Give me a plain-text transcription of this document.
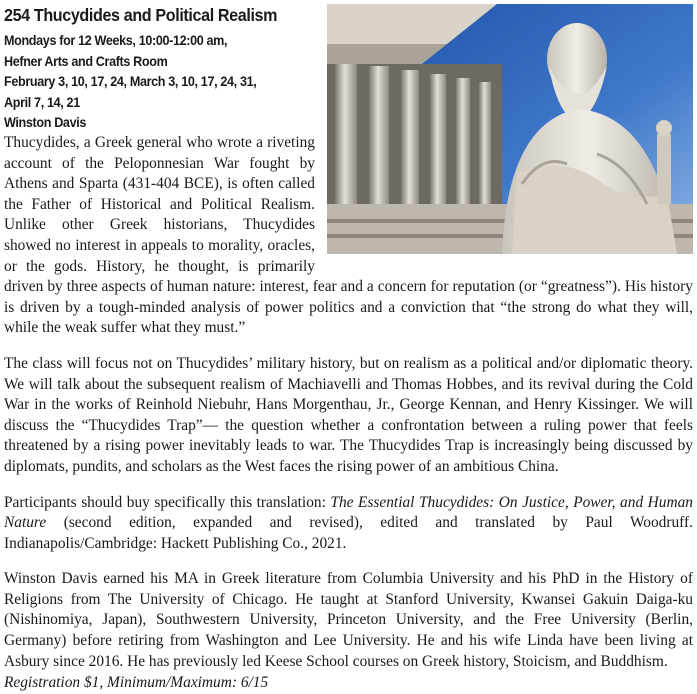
254 Thucydides and Political Realism
Mondays for 12 Weeks, 10:00-12:00 am,
Hefner Arts and Crafts Room
February 3, 10, 17, 24, March 3, 10, 17, 24, 31,
April 7, 14, 21
Winston Davis

Thucydides, a Greek general who wrote a riveting account of the Peloponnesian War fought by Athens and Sparta (431-404 BCE), is often called the Father of Historical and Political Realism. Unlike other Greek historians, Thucydides showed no interest in appeals to morality, oracles, or the gods. History, he thought, is primarily driven by three aspects of human nature: interest, fear and a concern for reputation (or “greatness”). His history is driven by a tough-minded analysis of power politics and a conviction that “the strong do what they will, while the weak suffer what they must.”

The class will focus not on Thucydides’ military history, but on realism as a political and/or diplomatic theory. We will talk about the subsequent realism of Machiavelli and Thomas Hobbes, and its revival during the Cold War in the works of Reinhold Niebuhr, Hans Morgenthau, Jr., George Kennan, and Henry Kissinger. We will discuss the “Thucydides Trap”— the question whether a confrontation between a ruling power that feels threatened by a rising power inevitably leads to war. The Thucydides Trap is increasingly being discussed by diplomats, pundits, and scholars as the West faces the rising power of an ambitious China.

Participants should buy specifically this translation: The Essential Thucydides: On Justice, Power, and Human Nature (second edition, expanded and revised), edited and translated by Paul Woodruff. Indianapolis/Cambridge: Hackett Publishing Co., 2021.

Winston Davis earned his MA in Greek literature from Columbia University and his PhD in the History of Religions from The University of Chicago. He taught at Stanford University, Kwansei Gakuin Daiga-ku (Nishinomiya, Japan), Southwestern University, Princeton University, and the Free University (Berlin, Germany) before retiring from Washington and Lee University. He and his wife Linda have been living at Asbury since 2016. He has previously led Keese School courses on Greek history, Stoicism, and Buddhism.

Registration $1, Minimum/Maximum: 6/15
